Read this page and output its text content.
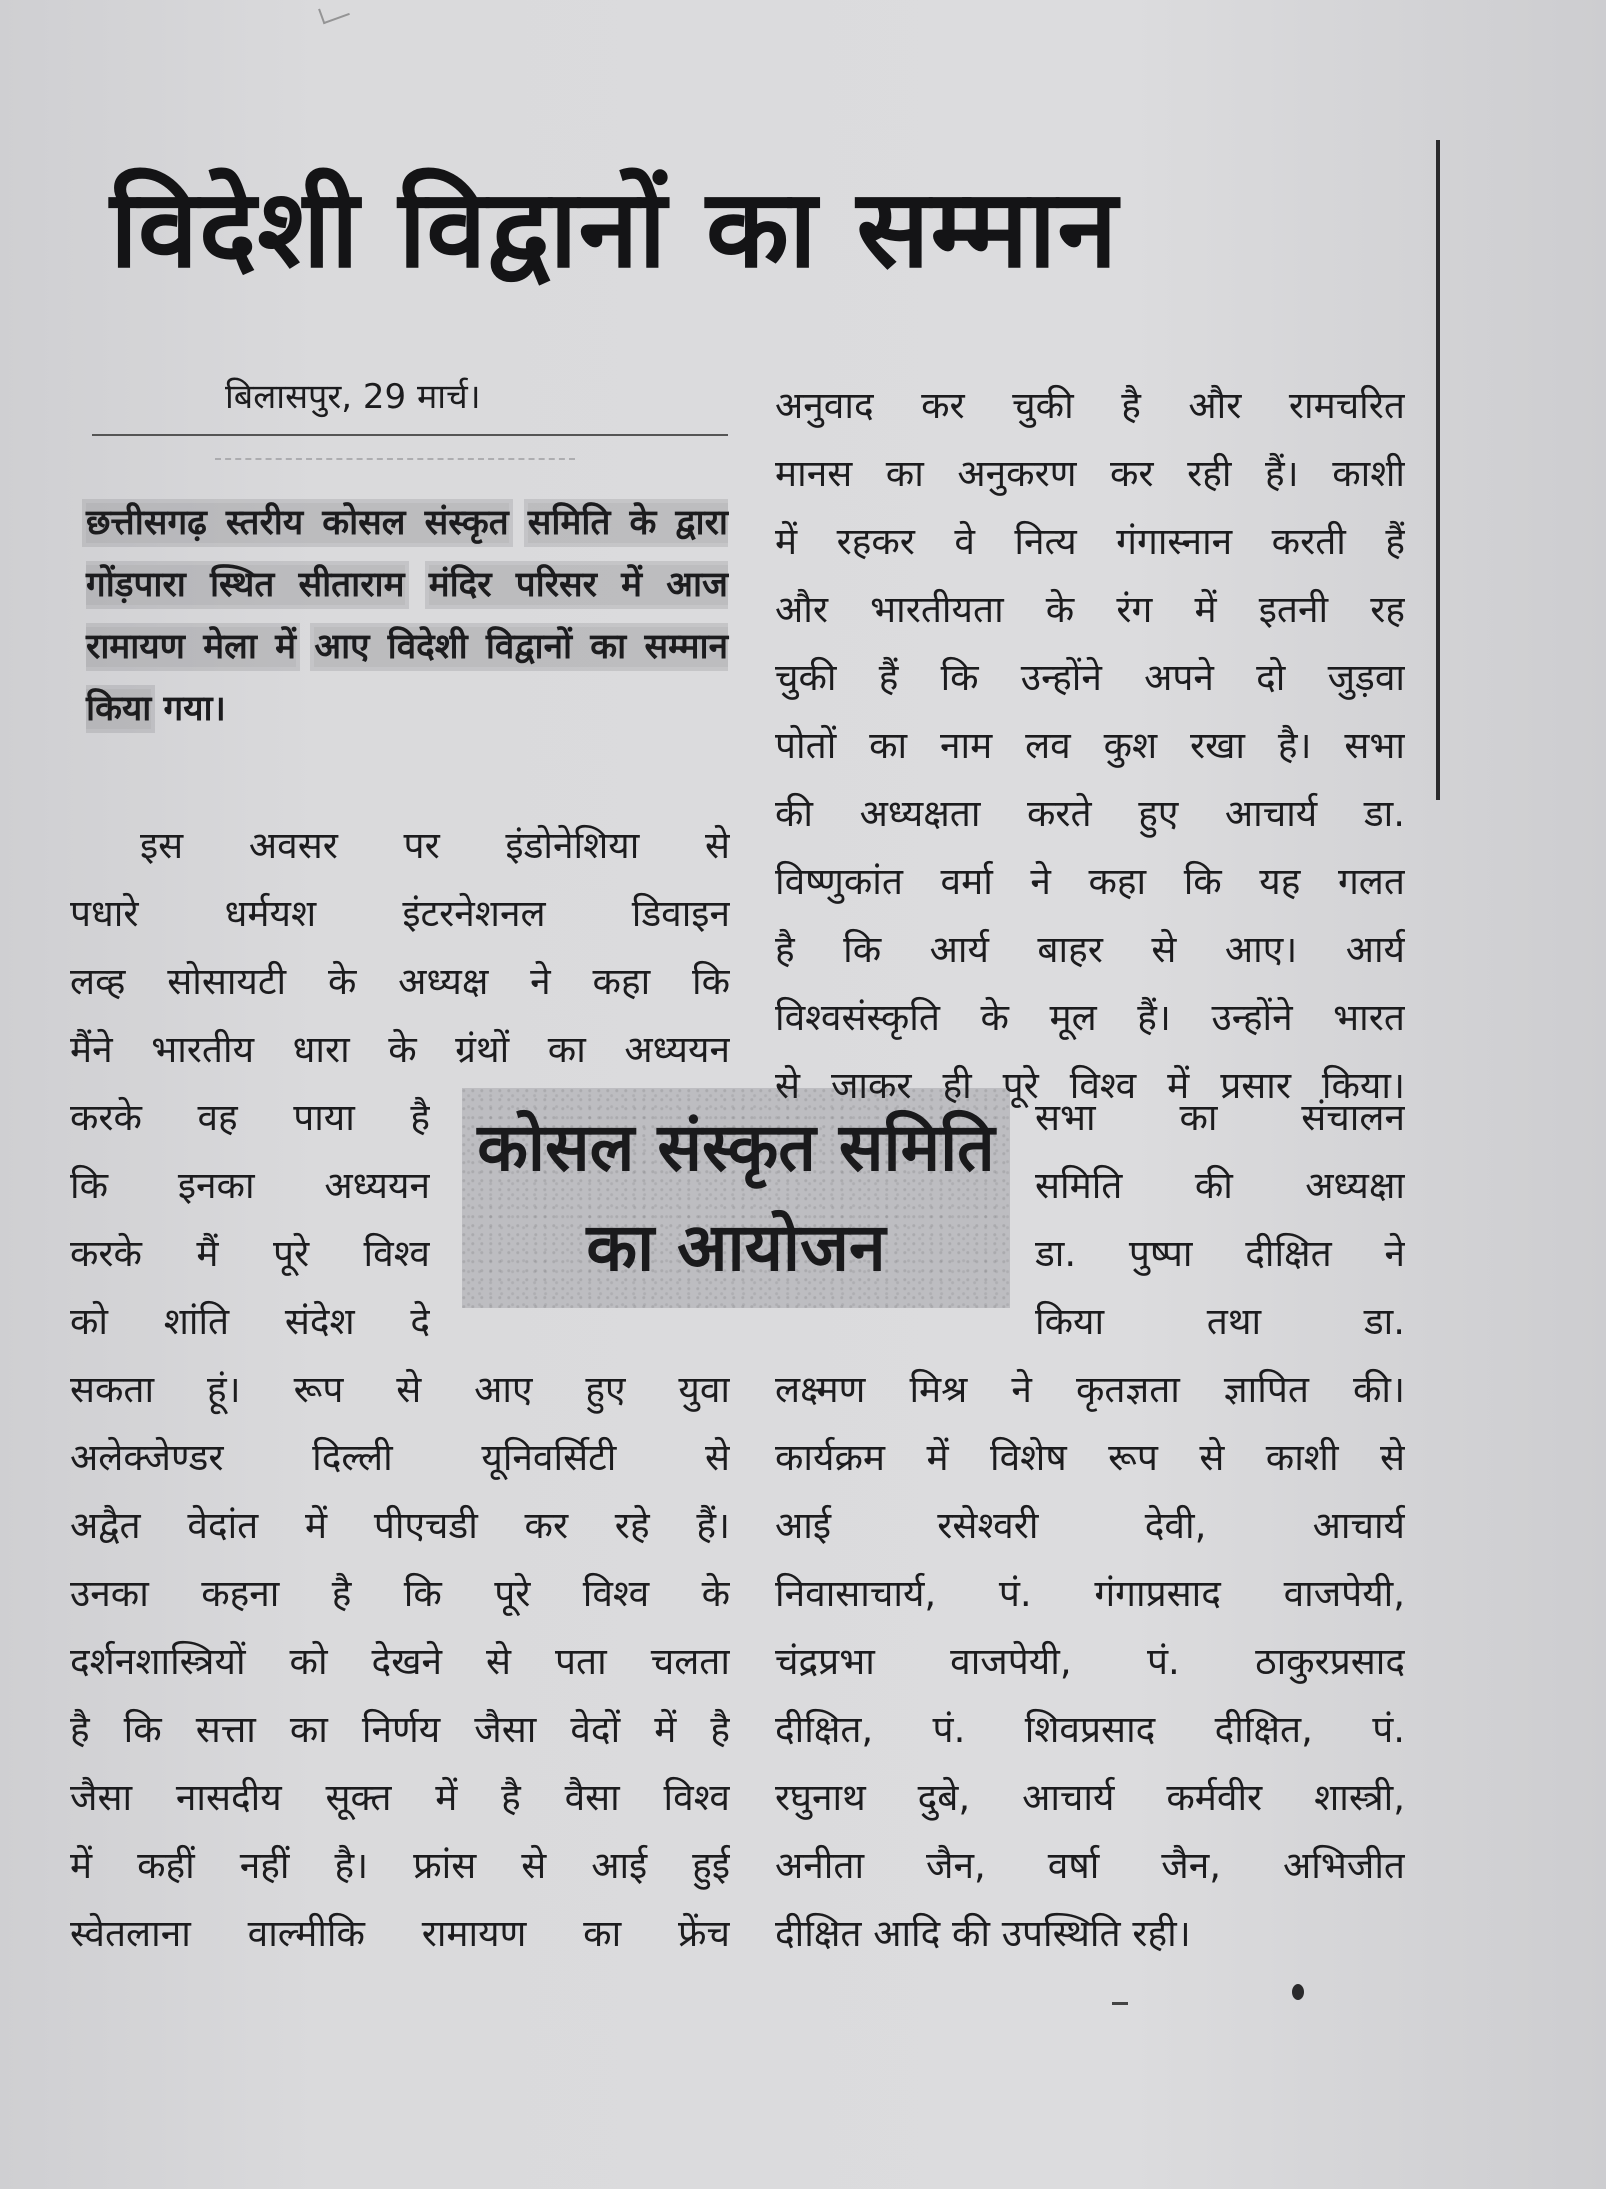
विदेशी विद्वानों का सम्मान
बिलासपुर, 29 मार्च।
छत्तीसगढ़ स्तरीय कोसल संस्कृत समिति के द्वारा गोंड़पारा स्थित सीताराम मंदिर परिसर में आज रामायण मेला में आए विदेशी विद्वानों का सम्मान किया गया।
इस अवसर पर इंडोनेशिया से
पधारे धर्मयश इंटरनेशनल डिवाइन
लव्ह सोसायटी के अध्यक्ष ने कहा कि
मैंने भारतीय धारा के ग्रंथों का अध्ययन
करके वह पाया है
कि इनका अध्ययन
करके मैं पूरे विश्व
को शांति संदेश दे
कोसल संस्कृत समिति
का आयोजन
सकता हूं। रूप से आए हुए युवा
अलेक्जेण्डर दिल्ली यूनिवर्सिटी से
अद्वैत वेदांत में पीएचडी कर रहे हैं।
उनका कहना है कि पूरे विश्व के
दर्शनशास्त्रियों को देखने से पता चलता
है कि सत्ता का निर्णय जैसा वेदों में है
जैसा नासदीय सूक्त में है वैसा विश्व
में कहीं नहीं है। फ्रांस से आई हुई
स्वेतलाना वाल्मीकि रामायण का फ्रेंच
अनुवाद कर चुकी है और रामचरित
मानस का अनुकरण कर रही हैं। काशी
में रहकर वे नित्य गंगास्नान करती हैं
और भारतीयता के रंग में इतनी रह
चुकी हैं कि उन्होंने अपने दो जुड़वा
पोतों का नाम लव कुश रखा है। सभा
की अध्यक्षता करते हुए आचार्य डा.
विष्णुकांत वर्मा ने कहा कि यह गलत
है कि आर्य बाहर से आए। आर्य
विश्वसंस्कृति के मूल हैं। उन्होंने भारत
से जाकर ही पूरे विश्व में प्रसार किया।
सभा का संचालन
समिति की अध्यक्षा
डा. पुष्पा दीक्षित ने
किया तथा डा.
लक्ष्मण मिश्र ने कृतज्ञता ज्ञापित की।
कार्यक्रम में विशेष रूप से काशी से
आई रसेश्वरी देवी, आचार्य
निवासाचार्य, पं. गंगाप्रसाद वाजपेयी,
चंद्रप्रभा वाजपेयी, पं. ठाकुरप्रसाद
दीक्षित, पं. शिवप्रसाद दीक्षित, पं.
रघुनाथ दुबे, आचार्य कर्मवीर शास्त्री,
अनीता जैन, वर्षा जैन, अभिजीत
दीक्षित आदि की उपस्थिति रही।
